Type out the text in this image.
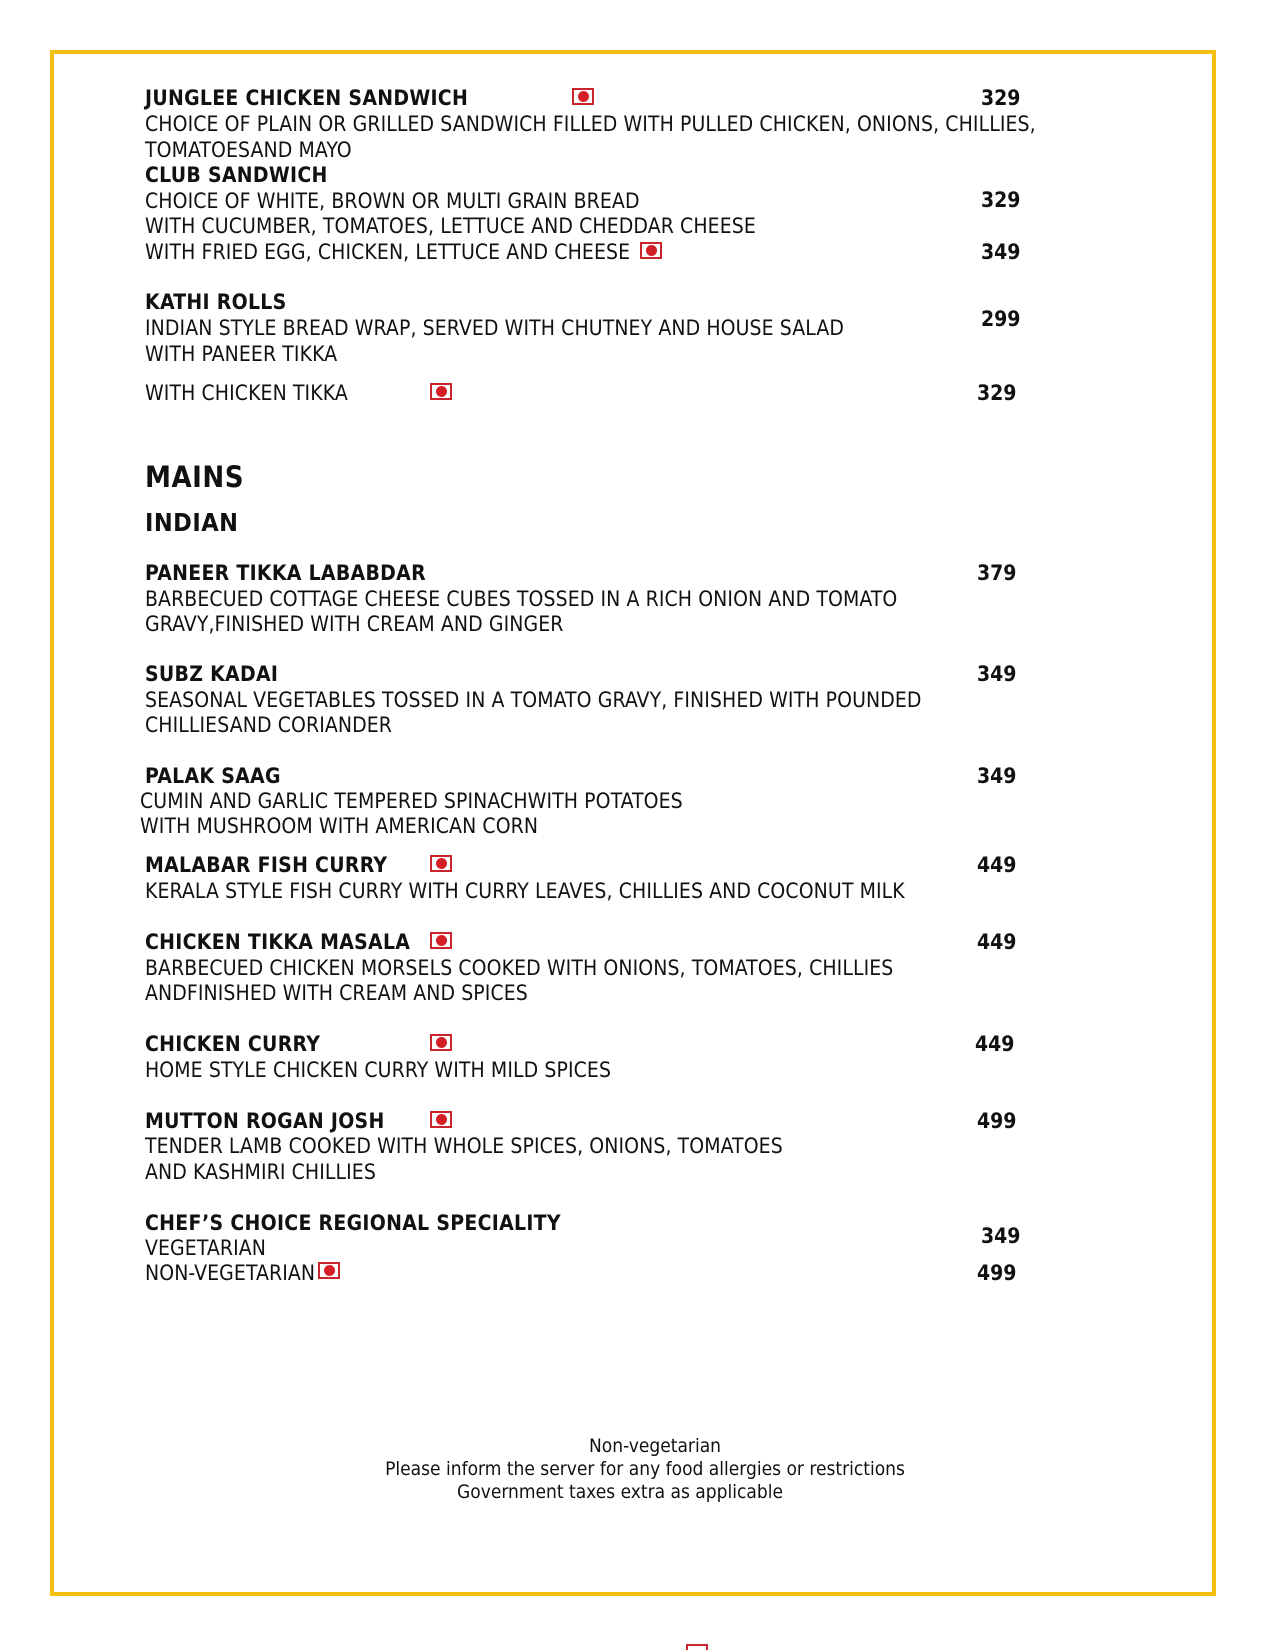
JUNGLEE CHICKEN SANDWICH	329
CHOICE OF PLAIN OR GRILLED SANDWICH FILLED WITH PULLED CHICKEN, ONIONS, CHILLIES,
TOMATOESAND MAYO
CLUB SANDWICH
CHOICE OF WHITE, BROWN OR MULTI GRAIN BREAD	329
WITH CUCUMBER, TOMATOES, LETTUCE AND CHEDDAR CHEESE
WITH FRIED EGG, CHICKEN, LETTUCE AND CHEESE	349
KATHI ROLLS
INDIAN STYLE BREAD WRAP, SERVED WITH CHUTNEY AND HOUSE SALAD	299
WITH PANEER TIKKA
WITH CHICKEN TIKKA	329
MAINS
INDIAN
PANEER TIKKA LABABDAR	379
BARBECUED COTTAGE CHEESE CUBES TOSSED IN A RICH ONION AND TOMATO
GRAVY,FINISHED WITH CREAM AND GINGER
SUBZ KADAI	349
SEASONAL VEGETABLES TOSSED IN A TOMATO GRAVY, FINISHED WITH POUNDED
CHILLIESAND CORIANDER
PALAK SAAG	349
CUMIN AND GARLIC TEMPERED SPINACHWITH POTATOES
WITH MUSHROOM WITH AMERICAN CORN
MALABAR FISH CURRY	449
KERALA STYLE FISH CURRY WITH CURRY LEAVES, CHILLIES AND COCONUT MILK
CHICKEN TIKKA MASALA	449
BARBECUED CHICKEN MORSELS COOKED WITH ONIONS, TOMATOES, CHILLIES
ANDFINISHED WITH CREAM AND SPICES
CHICKEN CURRY	449
HOME STYLE CHICKEN CURRY WITH MILD SPICES
MUTTON ROGAN JOSH	499
TENDER LAMB COOKED WITH WHOLE SPICES, ONIONS, TOMATOES
AND KASHMIRI CHILLIES
CHEF’S CHOICE REGIONAL SPECIALITY
VEGETARIAN	349
NON-VEGETARIAN	499
Non-vegetarian
Please inform the server for any food allergies or restrictions
Government taxes extra as applicable
